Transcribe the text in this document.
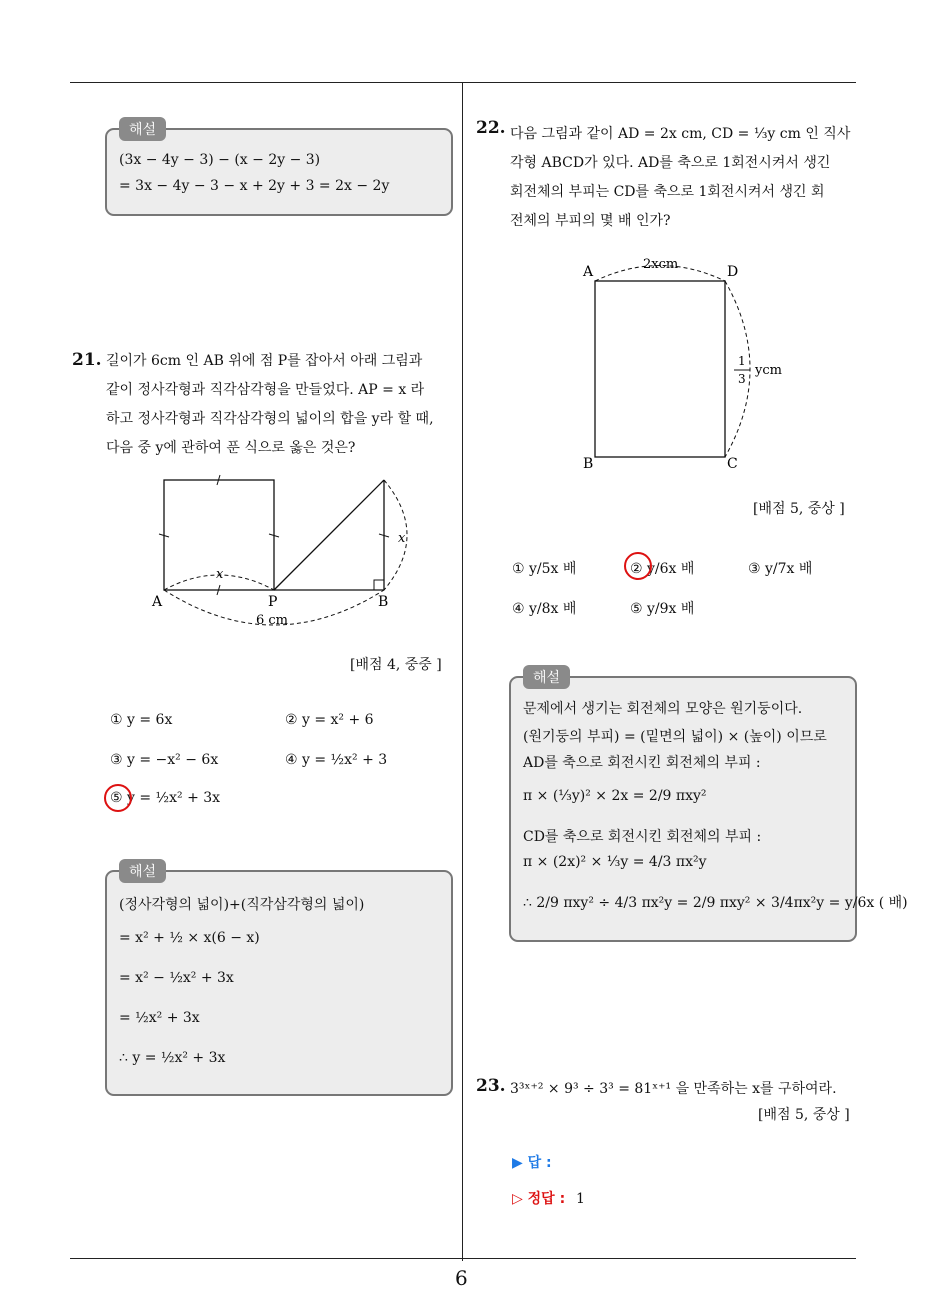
6
해설
(3x − 4y − 3) − (x − 2y − 3)
= 3x − 4y − 3 − x + 2y + 3 = 2x − 2y
21. 길이가 6cm 인 AB 위에 점 P를 잡아서 아래 그림과
같이 정사각형과 직각삼각형을 만들었다. AP = x 라
하고 정사각형과 직각삼각형의 넓이의 합을 y라 할 때,
다음 중 y에 관하여 푼 식으로 옳은 것은?
A	P	B
x
x
6 cm
[배점 4, 중중 ]
① y = 6x	② y = x² + 6
③ y = −x² − 6x	④ y = ½x² + 3
⑤ y = ½x² + 3x
해설
(정사각형의 넓이)+(직각삼각형의 넓이)
= x² + ½ × x(6 − x)
= x² − ½x² + 3x
= ½x² + 3x
∴ y = ½x² + 3x
22. 다음 그림과 같이 AD = 2x cm, CD = ⅓y cm 인 직사
각형 ABCD가 있다. AD를 축으로 1회전시켜서 생긴
회전체의 부피는 CD를 축으로 1회전시켜서 생긴 회
전체의 부피의 몇 배 인가?
A	D
B	C
2xcm
1
3
ycm
[배점 5, 중상 ]
① y/5x 배	② y/6x 배	③ y/7x 배
④ y/8x 배	⑤ y/9x 배
해설
문제에서 생기는 회전체의 모양은 원기둥이다.
(원기둥의 부피) = (밑면의 넓이) × (높이) 이므로
AD를 축으로 회전시킨 회전체의 부피 :
π × (⅓y)² × 2x = 2/9 πxy²
CD를 축으로 회전시킨 회전체의 부피 :
π × (2x)² × ⅓y = 4/3 πx²y
∴ 2/9 πxy² ÷ 4/3 πx²y = 2/9 πxy² × 3/4πx²y = y/6x ( 배)
23. 3³ˣ⁺² × 9³ ÷ 3³ = 81ˣ⁺¹ 을 만족하는 x를 구하여라.
[배점 5, 중상 ]
▶ 답 :
▷ 정답 : 1
